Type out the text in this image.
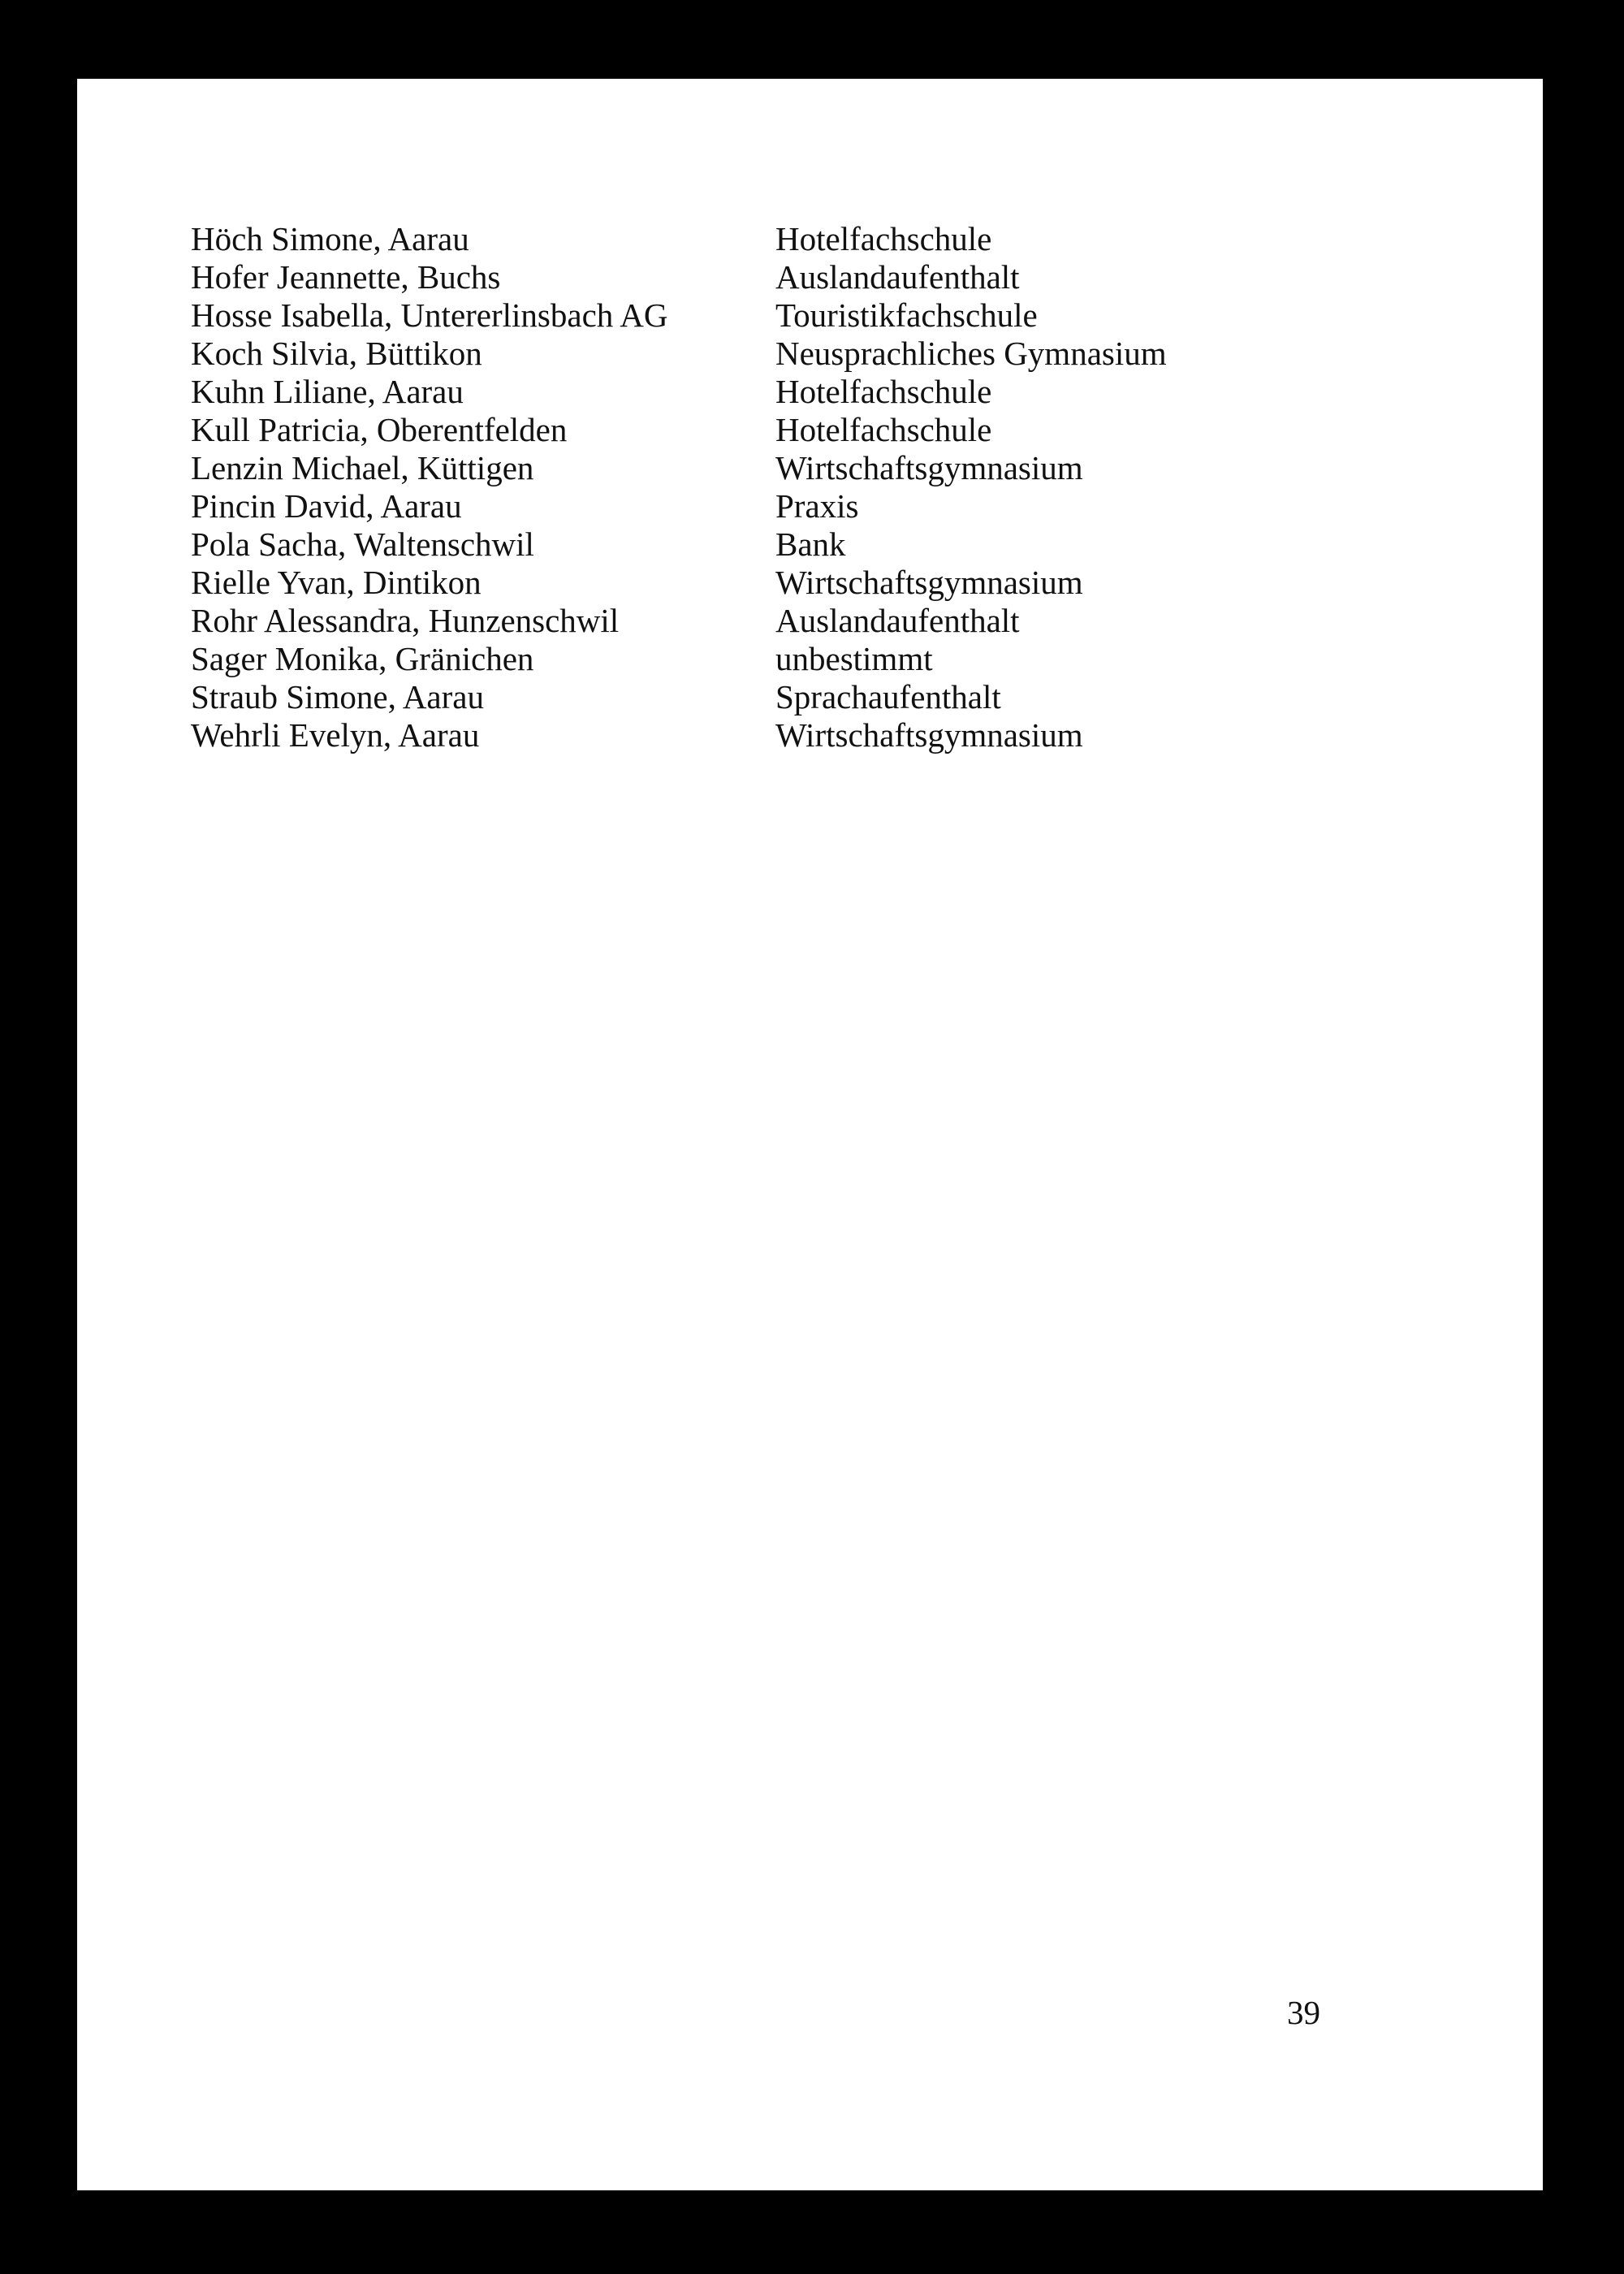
Höch Simone, Aarau	Hotelfachschule
Hofer Jeannette, Buchs	Auslandaufenthalt
Hosse Isabella, Untererlinsbach AG	Touristikfachschule
Koch Silvia, Büttikon	Neusprachliches Gymnasium
Kuhn Liliane, Aarau	Hotelfachschule
Kull Patricia, Oberentfelden	Hotelfachschule
Lenzin Michael, Küttigen	Wirtschaftsgymnasium
Pincin David, Aarau	Praxis
Pola Sacha, Waltenschwil	Bank
Rielle Yvan, Dintikon	Wirtschaftsgymnasium
Rohr Alessandra, Hunzenschwil	Auslandaufenthalt
Sager Monika, Gränichen	unbestimmt
Straub Simone, Aarau	Sprachaufenthalt
Wehrli Evelyn, Aarau	Wirtschaftsgymnasium
39
